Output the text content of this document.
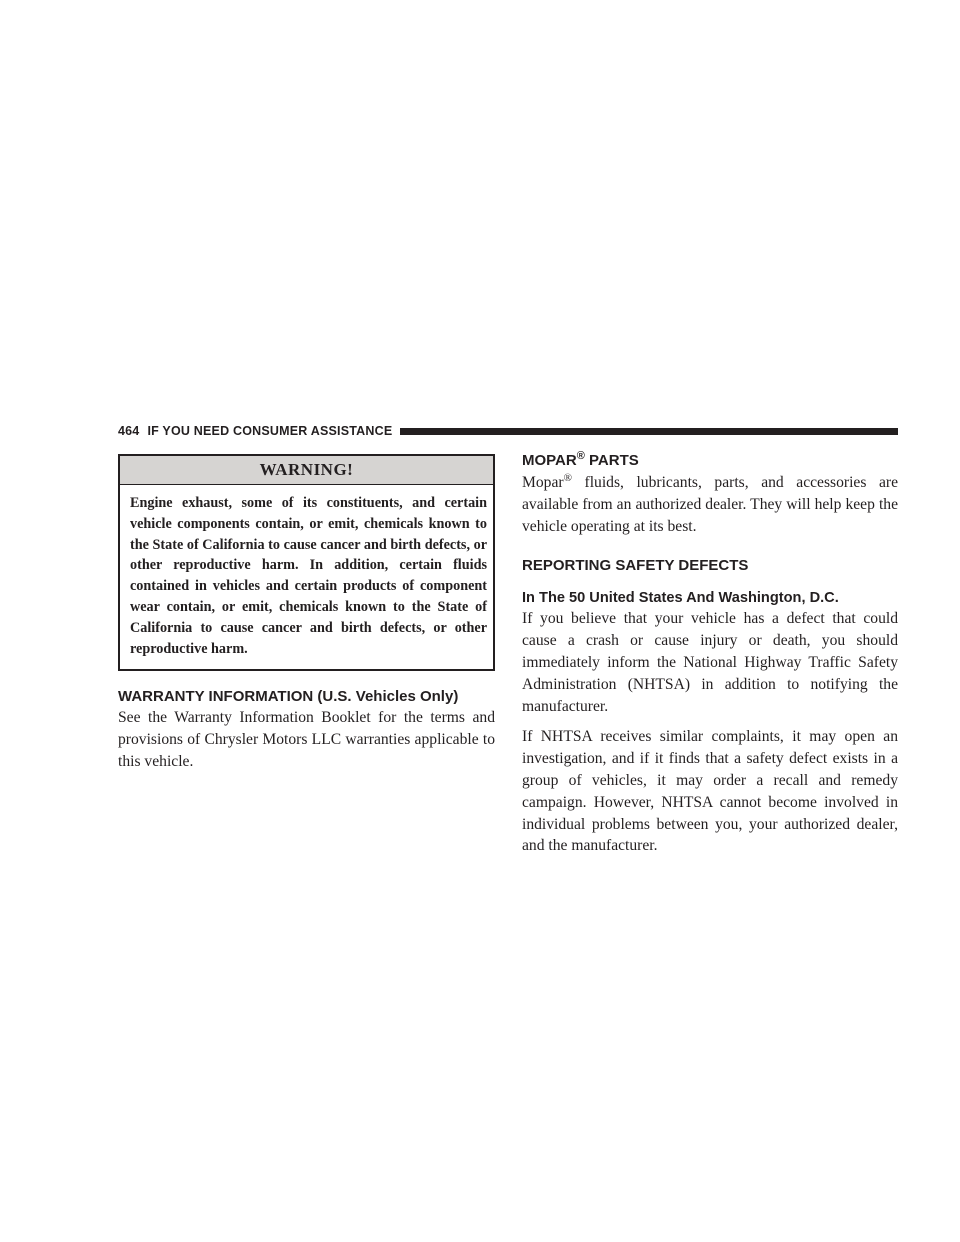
464 IF YOU NEED CONSUMER ASSISTANCE
WARNING!
Engine exhaust, some of its constituents, and certain vehicle components contain, or emit, chemicals known to the State of California to cause cancer and birth defects, or other reproductive harm. In addition, certain fluids contained in vehicles and certain products of component wear contain, or emit, chemicals known to the State of California to cause cancer and birth defects, or other reproductive harm.
WARRANTY INFORMATION (U.S. Vehicles Only)

See the Warranty Information Booklet for the terms and provisions of Chrysler Motors LLC warranties applicable to this vehicle.

MOPAR® PARTS

Mopar® fluids, lubricants, parts, and accessories are available from an authorized dealer. They will help keep the vehicle operating at its best.

REPORTING SAFETY DEFECTS
In The 50 United States And Washington, D.C.

If you believe that your vehicle has a defect that could cause a crash or cause injury or death, you should immediately inform the National Highway Traffic Safety Administration (NHTSA) in addition to notifying the manufacturer.

If NHTSA receives similar complaints, it may open an investigation, and if it finds that a safety defect exists in a group of vehicles, it may order a recall and remedy campaign. However, NHTSA cannot become involved in individual problems between you, your authorized dealer, and the manufacturer.
